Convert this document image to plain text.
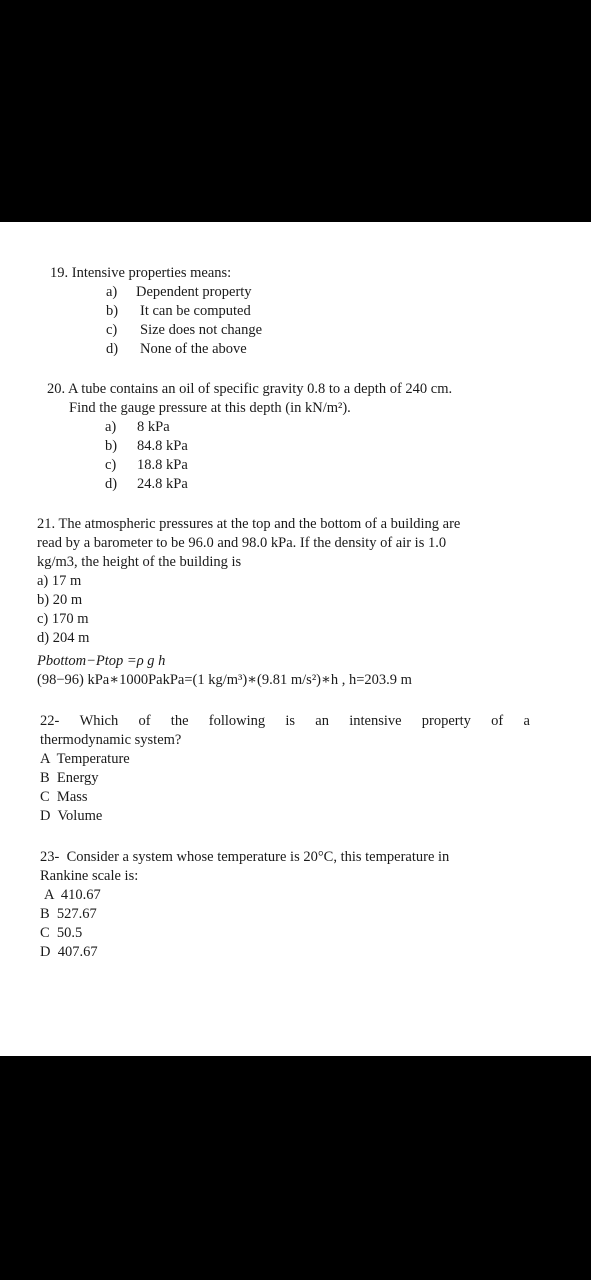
19. Intensive properties means:
a)	Dependent property
b)	It can be computed
c)	Size does not change
d)	None of the above
20. A tube contains an oil of specific gravity 0.8 to a depth of 240 cm.
Find the gauge pressure at this depth (in kN/m²).
a)	8 kPa
b)	84.8 kPa
c)	18.8 kPa
d)	24.8 kPa
21. The atmospheric pressures at the top and the bottom of a building are
read by a barometer to be 96.0 and 98.0 kPa. If the density of air is 1.0
kg/m3, the height of the building is
a) 17 m
b) 20 m
c) 170 m
d) 204 m
Pbottom−Ptop =ρ g h
(98−96) kPa∗1000PakPa=(1 kg/m³)∗(9.81 m/s²)∗h , h=203.9 m
22- Which of the following is an intensive property of a
thermodynamic system?
A  Temperature
B  Energy
C  Mass
D  Volume
23-  Consider a system whose temperature is 20°C, this temperature in
Rankine scale is:
A  410.67
B  527.67
C  50.5
D  407.67
